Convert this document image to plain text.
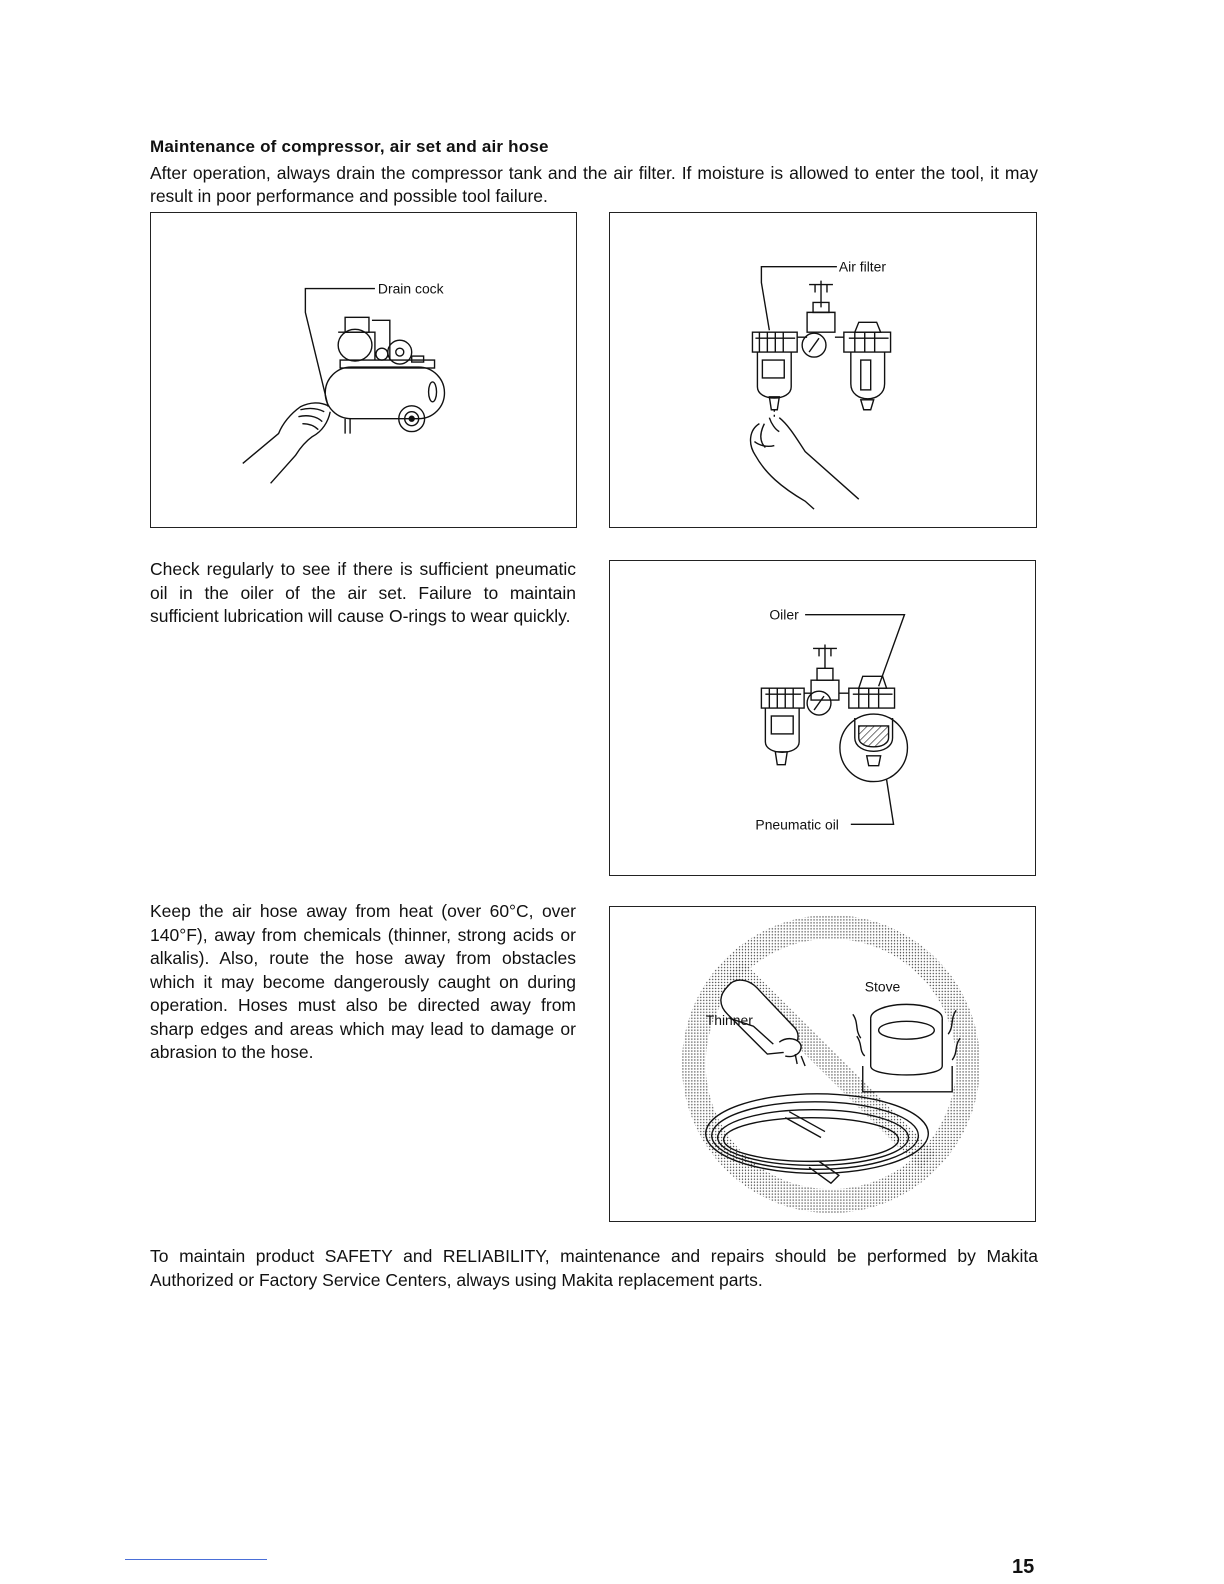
Maintenance of compressor, air set and air hose
After operation, always drain the compressor tank and the air filter. If moisture is allowed to enter the tool, it may result in poor performance and possible tool failure.
Drain cock
Air filter
Check regularly to see if there is sufficient pneumatic oil in the oiler of the air set. Failure to maintain sufficient lubrication will cause O-rings to wear quickly.	Oiler
Pneumatic oil
Keep the air hose away from heat (over 60°C, over 140°F), away from chemicals (thinner, strong acids or alkalis). Also, route the hose away from obstacles which it may become dangerously caught on during operation. Hoses must also be directed away from sharp edges and areas which may lead to damage or abrasion to the hose.
Thinner
Stove
To maintain product SAFETY and RELIABILITY, maintenance and repairs should be performed by Makita Authorized or Factory Service Centers, always using Makita replacement parts.
15
